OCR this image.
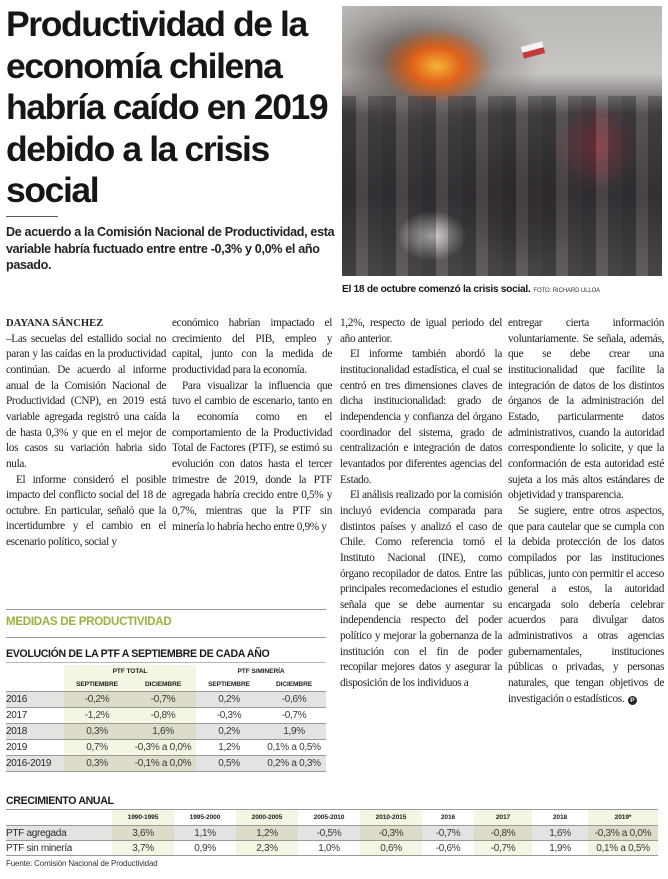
Productividad de la economía chilena habría caído en 2019 debido a la crisis social

De acuerdo a la Comisión Nacional de Productividad, esta variable habría fuctuado entre entre -0,3% y 0,0% el año pasado.

El 18 de octubre comenzó la crisis social. FOTO: RICHARD ULLOA
DAYANA SÁNCHEZ

–Las secuelas del estallido social no paran y las caídas en la productividad continúan. De acuerdo al informe anual de la Comisión Nacional de Productividad (CNP), en 2019 está variable agregada registró una caída de hasta 0,3% y que en el mejor de los casos su variación habria sido nula.

El informe consideró el posible impacto del conflicto social del 18 de octubre. En particular, señaló que la incertidumbre y el cambio en el escenario político, social y

económico habrían impactado el crecimiento del PIB, empleo y capital, junto con la medida de productividad para la economía.

Para visualizar la influencia que tuvo el cambio de escenario, tanto en la economía como en el comportamiento de la Productividad Total de Factores (PTF), se estimó su evolución con datos hasta el tercer trimestre de 2019, donde la PTF agregada habría crecido entre 0,5% y 0,7%, mientras que la PTF sin minería lo habría hecho entre 0,9% y

1,2%, respecto de igual periodo del año anterior.

El informe también abordó la institucionalidad estadística, el cual se centró en tres dimensiones claves de dicha institucionalidad: grado de independencia y confianza del órgano coordinador del sistema, grado de centralización e integración de datos levantados por diferentes agencias del Estado.

El análisis realizado por la comisión incluyó evidencia comparada para distintos países y analizó el caso de Chile. Como referencia tomó el Instituto Nacional (INE), como órgano recopilador de datos. Entre las principales recomedaciones el estudio señala que se debe aumentar su independencia respecto del poder político y mejorar la gobernanza de la institución con el fin de poder recopilar mejores datos y asegurar la disposición de los individuos a

entregar cierta información voluntariamente. Se señala, además, que se debe crear una institucionalidad que facilite la integración de datos de los distintos órganos de la administración del Estado, particularmente datos administrativos, cuando la autoridad correspondiente lo solicite, y que la conformación de esta autoridad esté sujeta a los más altos estándares de objetividad y transparencia.

Se sugiere, entre otros aspectos, que para cautelar que se cumpla con la debida protección de los datos compilados por las instituciones públicas, junto con permitir el acceso general a estos, la autoridad encargada solo debería celebrar acuerdos para divulgar datos administrativos a otras agencias gubernamentales, instituciones públicas o privadas, y personas naturales, que tengan objetivos de investigación o estadísticos. P

MEDIDAS DE PRODUCTIVIDAD
EVOLUCIÓN DE LA PTF A SEPTIEMBRE DE CADA AÑO
	PTF TOTAL		PTF S/MINERÍA	
	SEPTIEMBRE	DICIEMBRE	SEPTIEMBRE	DICIEMBRE
2016	-0,2%	-0,7%	0,2%	-0,6%
2017	-1,2%	-0,8%	-0,3%	-0,7%
2018	0,3%	1,6%	0,2%	1,9%
2019	0,7%	-0,3% a 0,0%	1,2%	0,1% a 0,5%
2016-2019	0,3%	-0,1% a 0,0%	0,5%	0,2% a 0,3%
CRECIMIENTO ANUAL
	1990-1995	1995-2000	2000-2005	2005-2010	2010-2015	2016	2017	2018	2019*
PTF agregada	3,6%	1,1%	1,2%	-0,5%	-0,3%	-0,7%	-0,8%	1,6%	-0,3% a 0,0%
PTF sin minería	3,7%	0,9%	2,3%	1,0%	0,6%	-0,6%	-0,7%	1,9%	0,1% a 0,5%
Fuente: Comisión Nacional de Productividad
